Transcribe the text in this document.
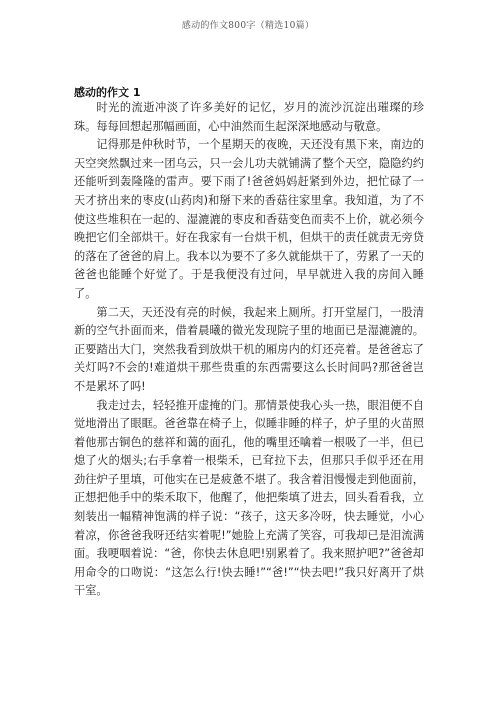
感动的作文800字（精选10篇）
感动的作文 1

时光的流逝冲淡了许多美好的记忆，岁月的流沙沉淀出璀璨的珍珠。每每回想起那幅画面，心中油然而生起深深地感动与敬意。

记得那是仲秋时节，一个星期天的夜晚，天还没有黑下来，南边的天空突然飘过来一团乌云，只一会儿功夫就铺满了整个天空，隐隐约约还能听到轰隆隆的雷声。要下雨了!爸爸妈妈赶紧到外边，把忙碌了一天才挤出来的枣皮(山药肉)和掰下来的香菇往家里拿。我知道，为了不使这些堆积在一起的、湿漉漉的枣皮和香菇变色而卖不上价，就必须今晚把它们全部烘干。好在我家有一台烘干机，但烘干的责任就责无旁贷的落在了爸爸的肩上。我本以为要不了多久就能烘干了，劳累了一天的爸爸也能睡个好觉了。于是我便没有过问，早早就进入我的房间入睡了。

第二天，天还没有亮的时候，我起来上厕所。打开堂屋门，一股清新的空气扑面而来，借着晨曦的微光发现院子里的地面已是湿漉漉的。正要踏出大门，突然我看到放烘干机的厢房内的灯还亮着。是爸爸忘了关灯吗?不会的!难道烘干那些贵重的东西需要这么长时间吗?那爸爸岂不是累坏了吗!

我走过去，轻轻推开虚掩的门。那情景使我心头一热，眼泪便不自觉地滑出了眼眶。爸爸靠在椅子上，似睡非睡的样子，炉子里的火苗照着他那古铜色的慈祥和蔼的面孔，他的嘴里还噙着一根吸了一半，但已熄了火的烟头;右手拿着一根柴禾，已耷拉下去，但那只手似乎还在用劲往炉子里填，可他实在已是疲惫不堪了。我含着泪慢慢走到他面前，正想把他手中的柴禾取下，他醒了，他把柴填了进去，回头看看我，立刻装出一幅精神饱满的样子说：“孩子，这天多冷呀，快去睡觉，小心着凉，你爸爸我呀还结实着呢!”她脸上充满了笑容，可我却已是泪流满面。我哽咽着说：“爸，你快去休息吧!别累着了。我来照护吧?”爸爸却用命令的口吻说：“这怎么行!快去睡!”“爸!”“快去吧!”我只好离开了烘干室。
